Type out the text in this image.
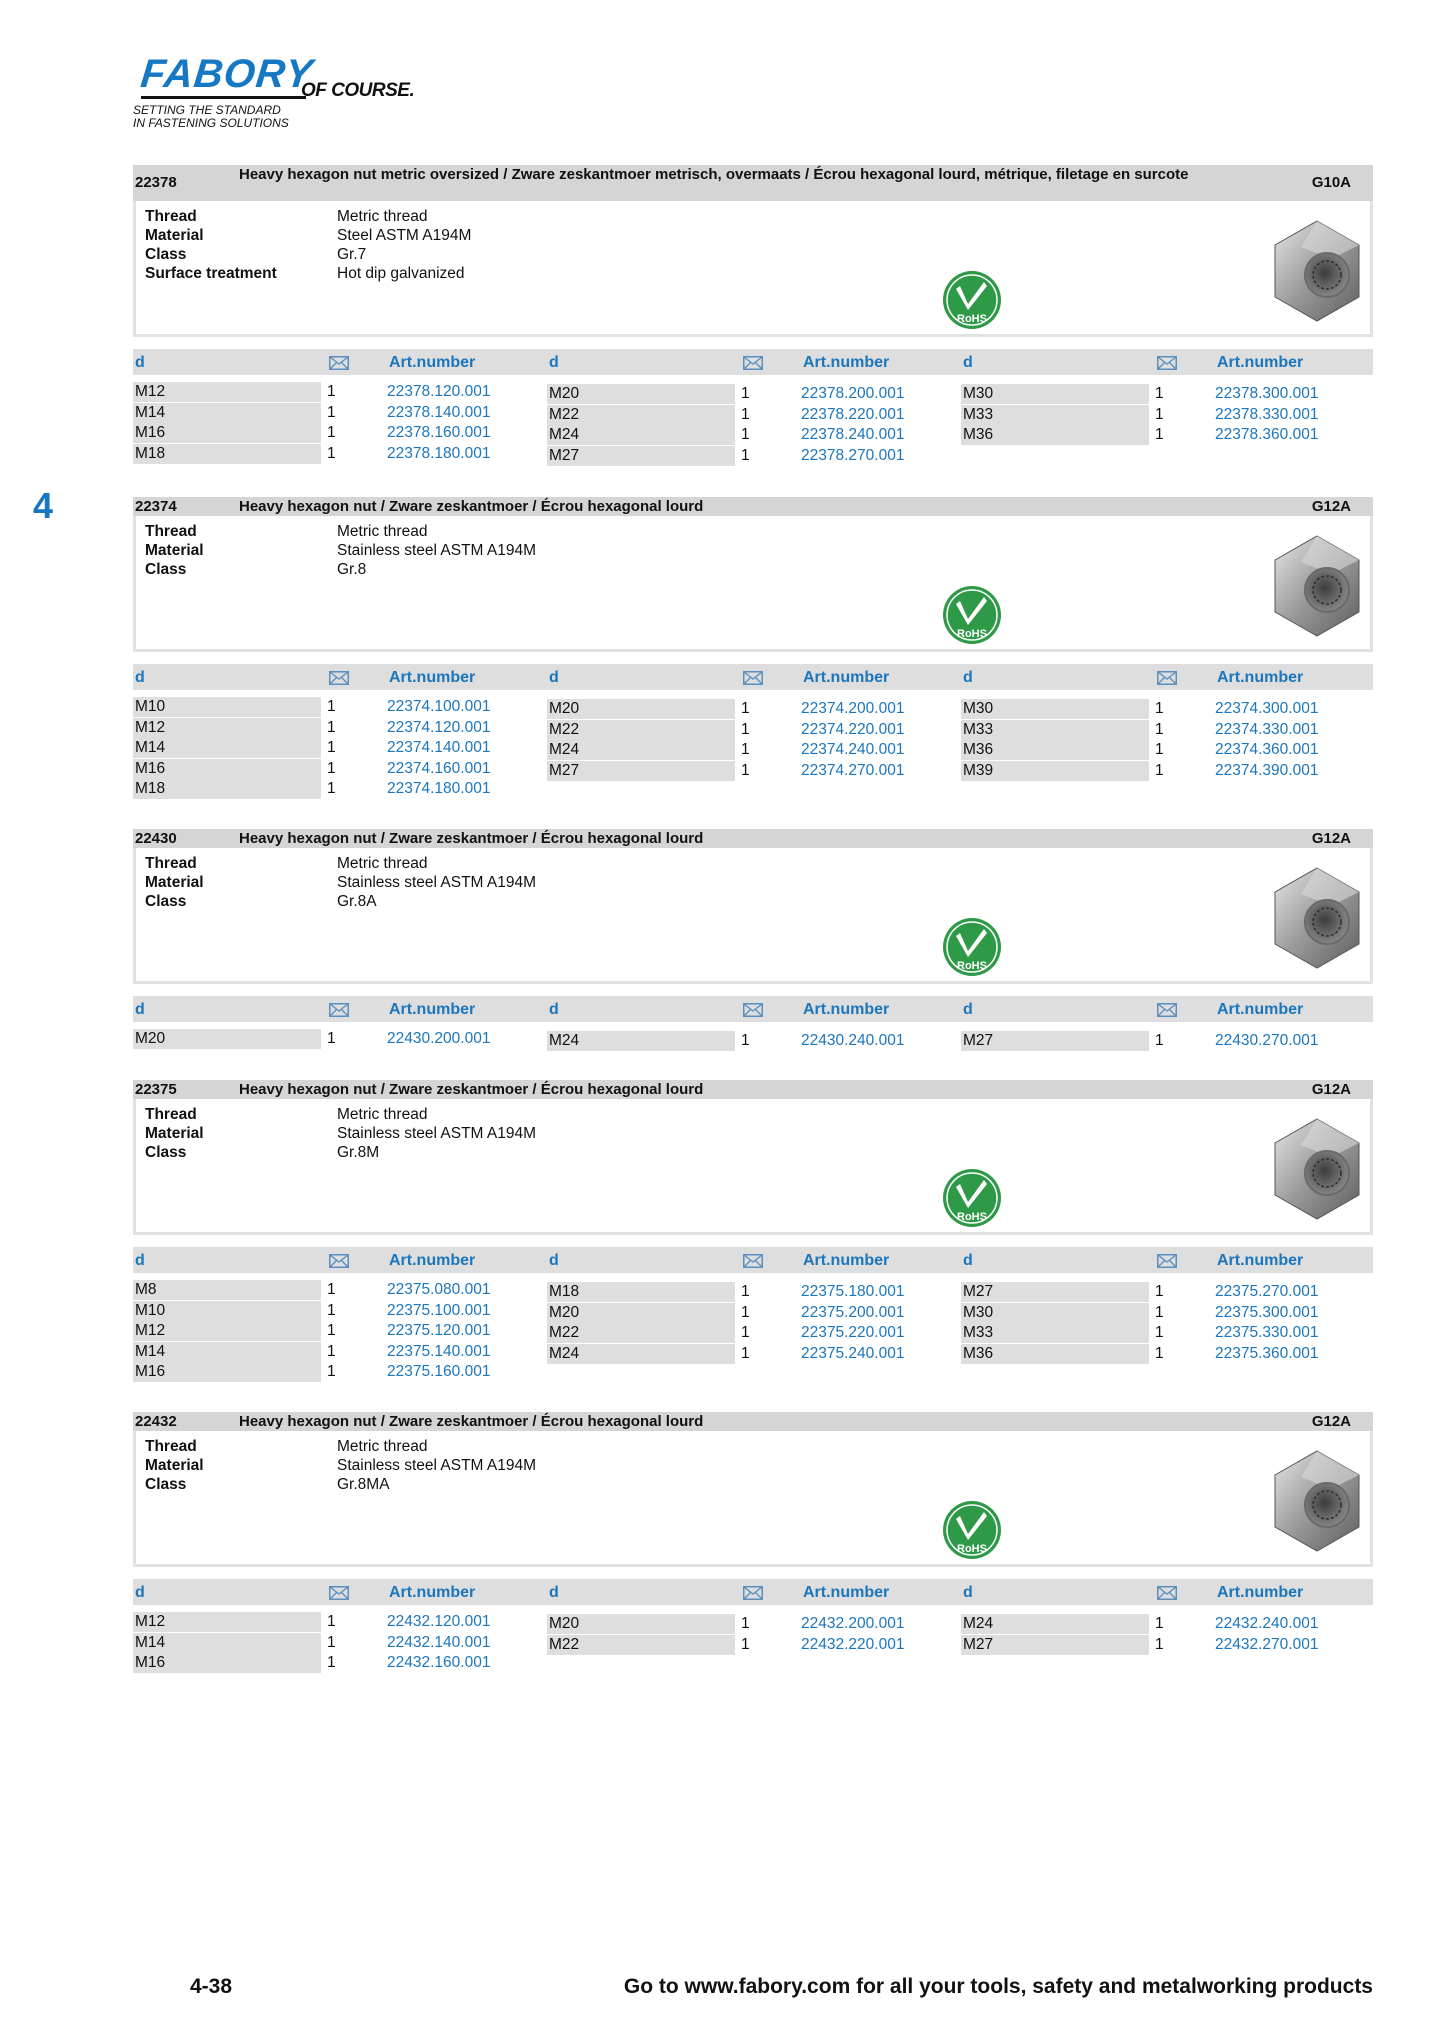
FABORY
OF COURSE.
SETTING THE STANDARD
IN FASTENING SOLUTIONS
4
22378	Heavy hexagon nut metric oversized / Zware zeskantmoer metrisch, overmaats / Écrou hexagonal lourd, métrique, filetage en surcote	G10A
Thread	Metric thread
Material	Steel ASTM A194M
Class	Gr.7
Surface treatment	Hot dip galvanized
RoHS
d	Art.number	d	Art.number	d	Art.number
M12	1	22378.120.001
M14	1	22378.140.001
M16	1	22378.160.001
M18	1	22378.180.001
M20	1	22378.200.001
M22	1	22378.220.001
M24	1	22378.240.001
M27	1	22378.270.001
M30	1	22378.300.001
M33	1	22378.330.001
M36	1	22378.360.001
22374	Heavy hexagon nut / Zware zeskantmoer / Écrou hexagonal lourd	G12A
Thread	Metric thread
Material	Stainless steel ASTM A194M
Class	Gr.8
RoHS
d	Art.number	d	Art.number	d	Art.number
M10	1	22374.100.001
M12	1	22374.120.001
M14	1	22374.140.001
M16	1	22374.160.001
M18	1	22374.180.001
M20	1	22374.200.001
M22	1	22374.220.001
M24	1	22374.240.001
M27	1	22374.270.001
M30	1	22374.300.001
M33	1	22374.330.001
M36	1	22374.360.001
M39	1	22374.390.001
22430	Heavy hexagon nut / Zware zeskantmoer / Écrou hexagonal lourd	G12A
Thread	Metric thread
Material	Stainless steel ASTM A194M
Class	Gr.8A
RoHS
d	Art.number	d	Art.number	d	Art.number
M20	1	22430.200.001	M24	1	22430.240.001	M27	1	22430.270.001
22375	Heavy hexagon nut / Zware zeskantmoer / Écrou hexagonal lourd	G12A
Thread	Metric thread
Material	Stainless steel ASTM A194M
Class	Gr.8M
RoHS
d	Art.number	d	Art.number	d	Art.number
M8	1	22375.080.001
M10	1	22375.100.001
M12	1	22375.120.001
M14	1	22375.140.001
M16	1	22375.160.001
M18	1	22375.180.001
M20	1	22375.200.001
M22	1	22375.220.001
M24	1	22375.240.001
M27	1	22375.270.001
M30	1	22375.300.001
M33	1	22375.330.001
M36	1	22375.360.001
22432	Heavy hexagon nut / Zware zeskantmoer / Écrou hexagonal lourd	G12A
Thread	Metric thread
Material	Stainless steel ASTM A194M
Class	Gr.8MA
RoHS
d	Art.number	d	Art.number	d	Art.number
M12	1	22432.120.001
M14	1	22432.140.001
M16	1	22432.160.001
M20	1	22432.200.001
M22	1	22432.220.001
M24	1	22432.240.001
M27	1	22432.270.001
4-38	Go to www.fabory.com for all your tools, safety and metalworking products
